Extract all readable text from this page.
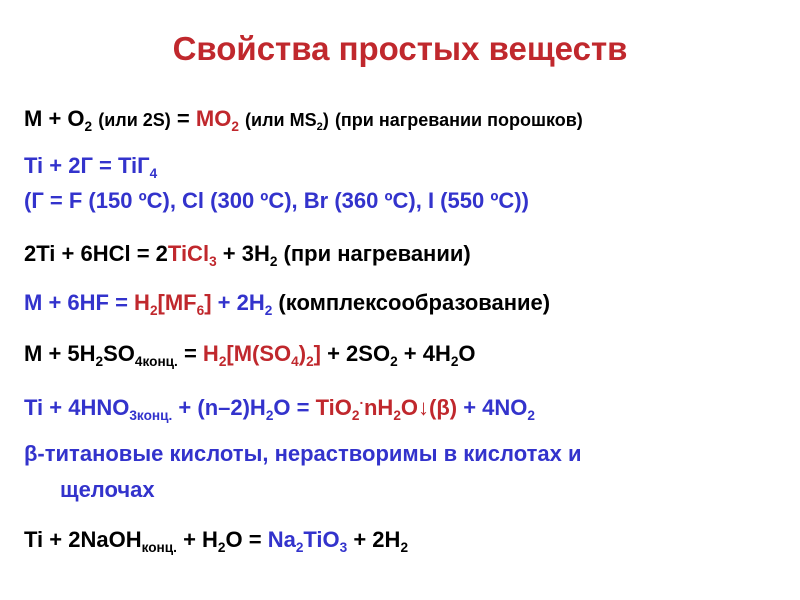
Свойства простых веществ
$M + O_2$ (или $2S) = MO_2$ (или $MS_2$) (при нагревании порошков)
Ti + 2Г = TiГ$_4$
(Г = F (150 ºC), Cl (300 ºC), Br (360 ºC), I (550 ºC))
2Ti + 6HCl = 2TiCl$_3$ + $3H_2$ (при нагревании)
$M + 6HF = H_2[MF_6] + 2H_2$ (комплексообразование)
$M + 5H_2SO_{4конц.} = H_2[M(SO_4)_2] + 2SO_2 + 4H_2O$
$Ti + 4HNO_{3конц.} + (n-2)H_2O$ = $TiO_2^\cdot nH_2O↓(\beta) + 4NO_2$
β-титановые кислоты, нерастворимы в кислотах и
щелочах
Ti + 2NaOH$_{конц.}$ + $H_2O = Na_2TiO_3 + 2H_2$
